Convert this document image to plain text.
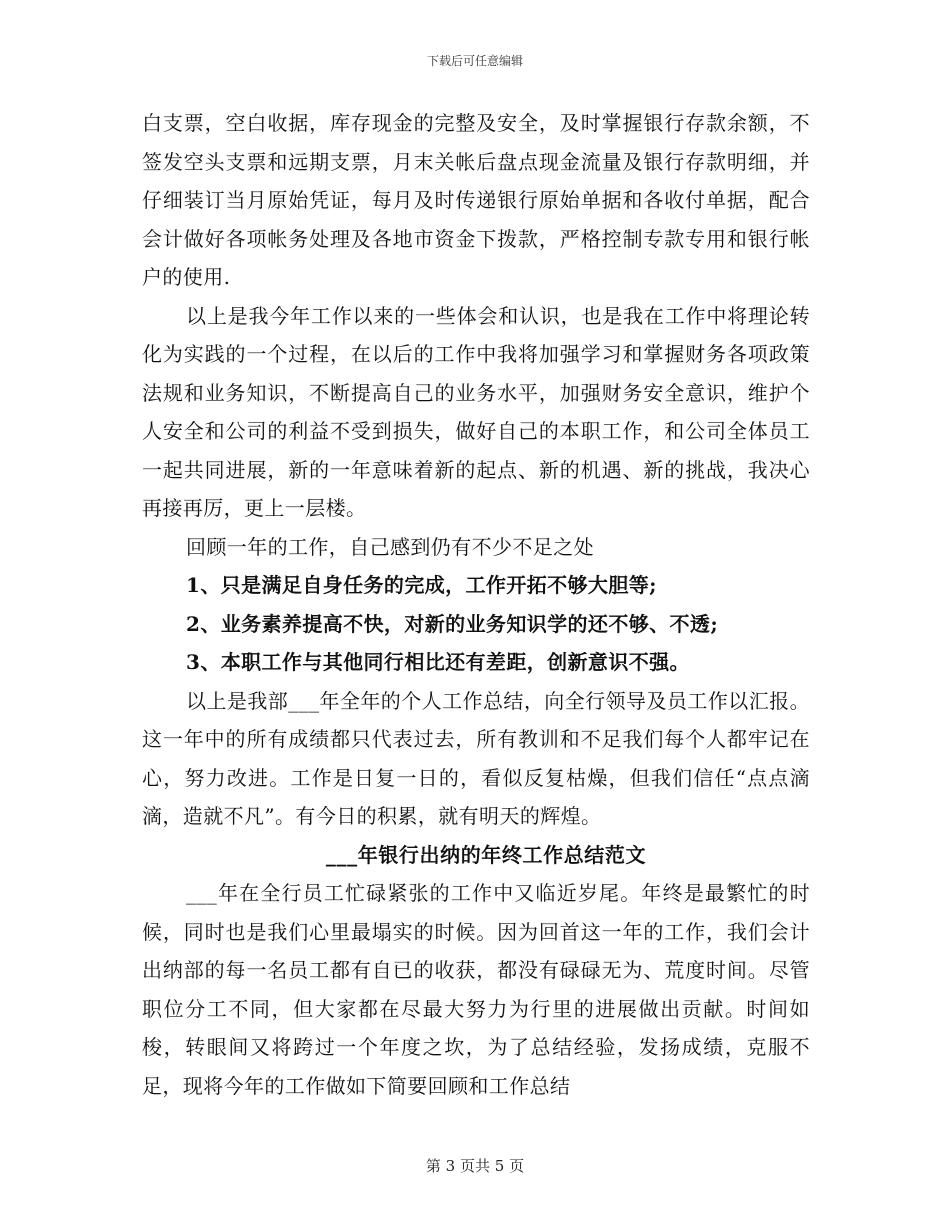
下载后可任意编辑

白支票，空白收据，库存现金的完整及安全，及时掌握银行存款余额，不签发空头支票和远期支票，月末关帐后盘点现金流量及银行存款明细，并仔细装订当月原始凭证，每月及时传递银行原始单据和各收付单据，配合会计做好各项帐务处理及各地市资金下拨款，严格控制专款专用和银行帐户的使用.

以上是我今年工作以来的一些体会和认识，也是我在工作中将理论转化为实践的一个过程，在以后的工作中我将加强学习和掌握财务各项政策法规和业务知识，不断提高自己的业务水平，加强财务安全意识，维护个人安全和公司的利益不受到损失，做好自己的本职工作，和公司全体员工一起共同进展，新的一年意味着新的起点、新的机遇、新的挑战，我决心再接再厉，更上一层楼。

回顾一年的工作，自己感到仍有不少不足之处

1、只是满足自身任务的完成，工作开拓不够大胆等;

2、业务素养提高不快，对新的业务知识学的还不够、不透;

3、本职工作与其他同行相比还有差距，创新意识不强。

以上是我部___年全年的个人工作总结，向全行领导及员工作以汇报。这一年中的所有成绩都只代表过去，所有教训和不足我们每个人都牢记在心，努力改进。工作是日复一日的，看似反复枯燥，但我们信任“点点滴滴，造就不凡”。有今日的积累，就有明天的辉煌。

___年银行出纳的年终工作总结范文

___年在全行员工忙碌紧张的工作中又临近岁尾。年终是最繁忙的时候，同时也是我们心里最塌实的时候。因为回首这一年的工作，我们会计出纳部的每一名员工都有自已的收获，都没有碌碌无为、荒度时间。尽管职位分工不同，但大家都在尽最大努力为行里的进展做出贡献。时间如梭，转眼间又将跨过一个年度之坎，为了总结经验，发扬成绩，克服不足，现将今年的工作做如下简要回顾和工作总结

第 3 页共 5 页
